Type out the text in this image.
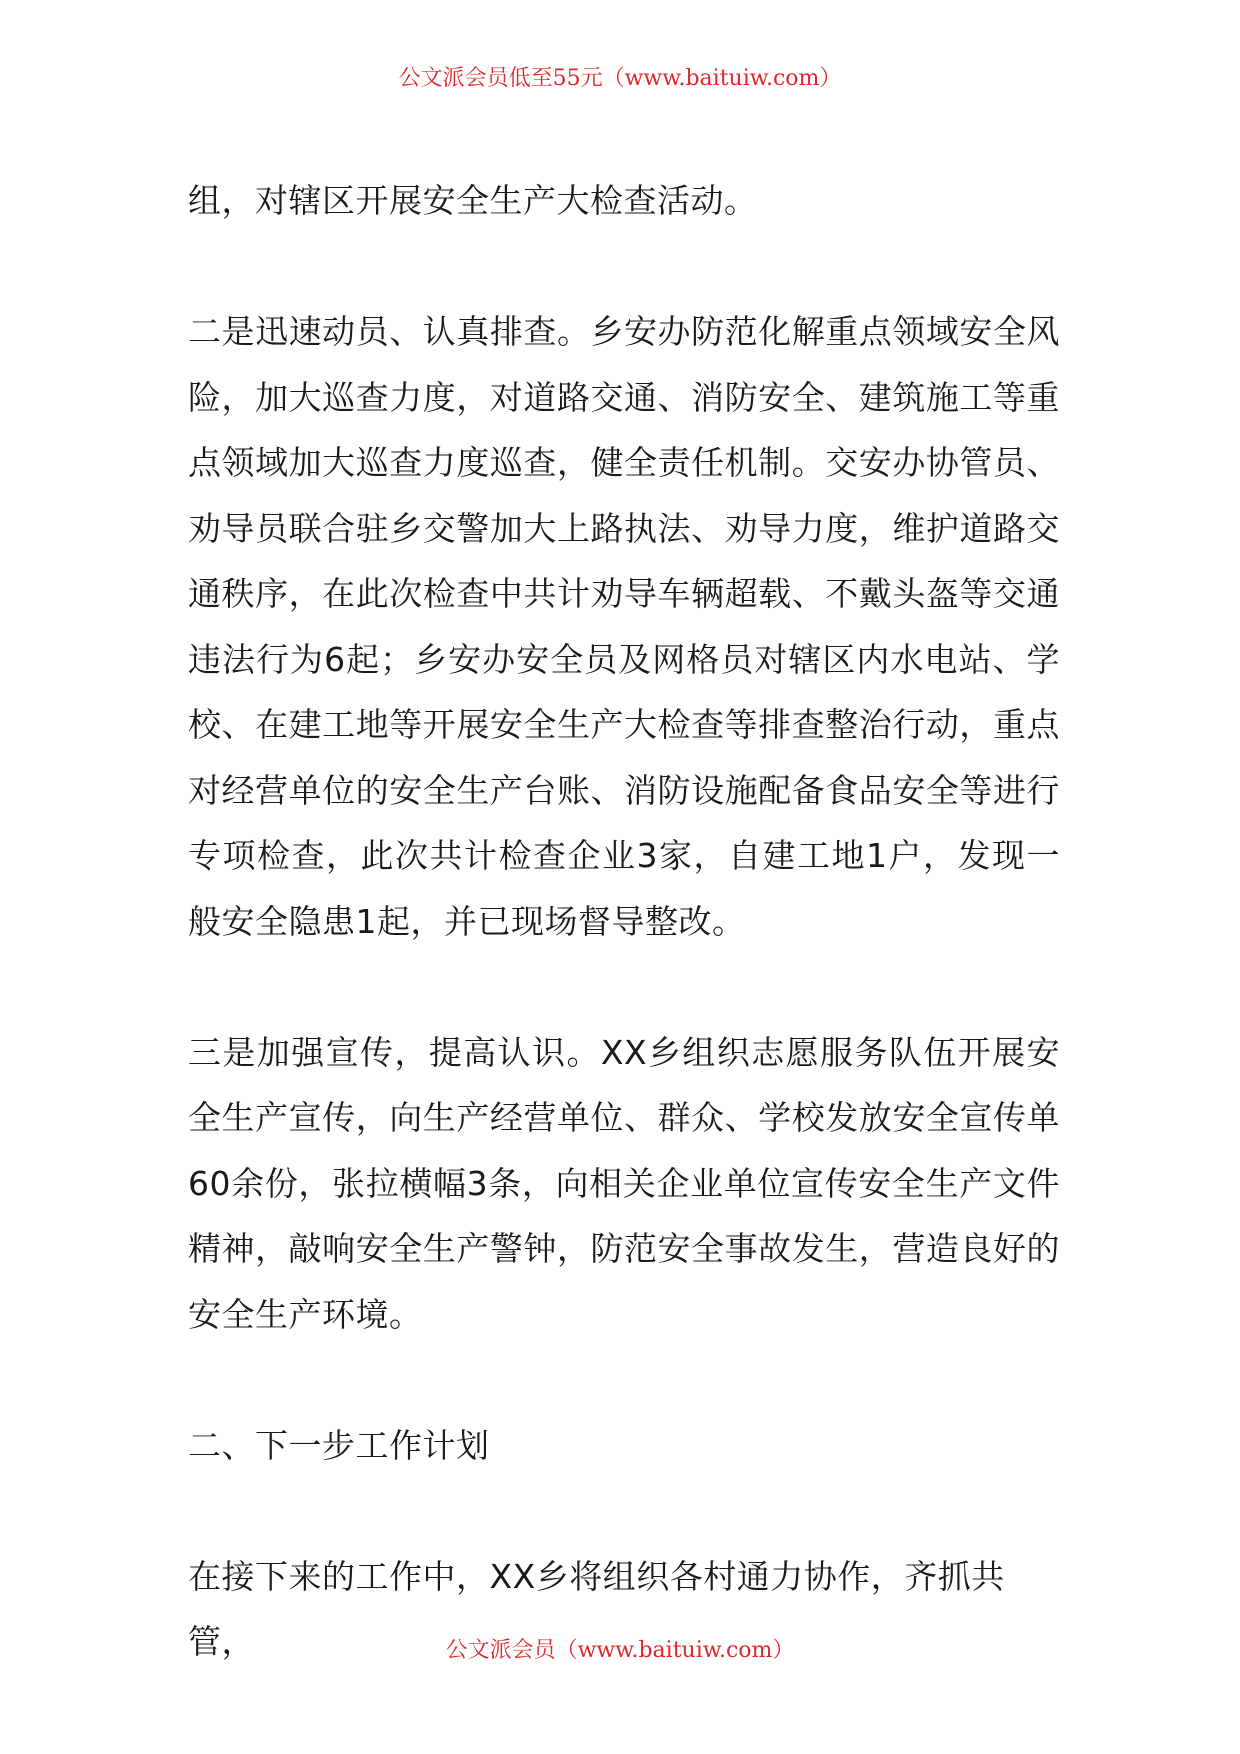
公文派会员低至55元（www.baituiw.com）

组，对辖区开展安全生产大检查活动。

二是迅速动员、认真排查。乡安办防范化解重点领域安全风险，加大巡查力度，对道路交通、消防安全、建筑施工等重点领域加大巡查力度巡查，健全责任机制。交安办协管员、劝导员联合驻乡交警加大上路执法、劝导力度，维护道路交通秩序，在此次检查中共计劝导车辆超载、不戴头盔等交通违法行为6起；乡安办安全员及网格员对辖区内水电站、学校、在建工地等开展安全生产大检查等排查整治行动，重点对经营单位的安全生产台账、消防设施配备食品安全等进行专项检查，此次共计检查企业3家，自建工地1户，发现一般安全隐患1起，并已现场督导整改。

三是加强宣传，提高认识。XX乡组织志愿服务队伍开展安全生产宣传，向生产经营单位、群众、学校发放安全宣传单60余份，张拉横幅3条，向相关企业单位宣传安全生产文件精神，敲响安全生产警钟，防范安全事故发生，营造良好的安全生产环境。

二、下一步工作计划

在接下来的工作中，XX乡将组织各村通力协作，齐抓共管，	公文派会员（www.baituiw.com）
